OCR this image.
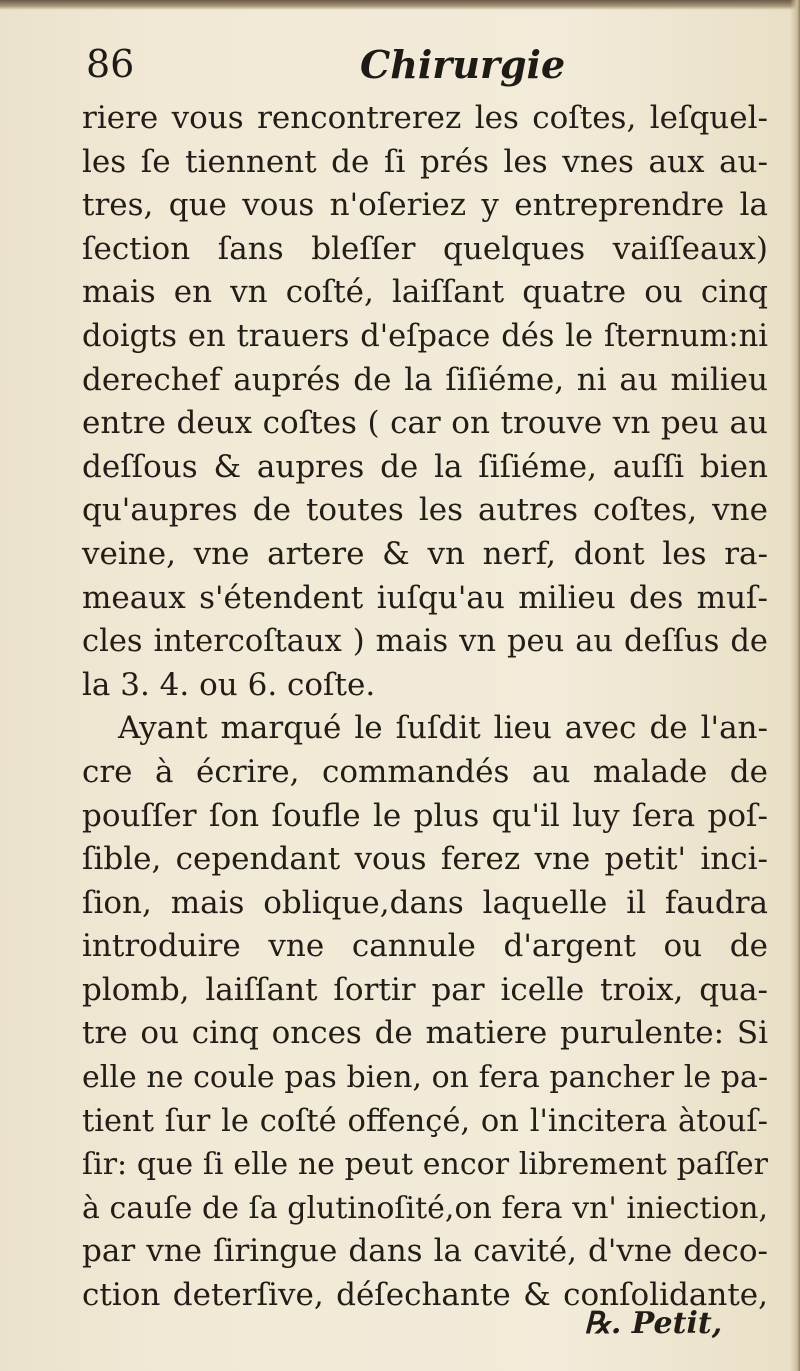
86	Chirurgie
riere vous rencontrerez les coſtes, leſquel-
les ſe tiennent de ſi prés les vnes aux au-
tres, que vous n'oſeriez y entreprendre la
ſection ſans bleſſer quelques vaiſſeaux)
mais en vn coſté, laiſſant quatre ou cinq
doigts en trauers d'eſpace dés le ſternum:ni
derechef auprés de la ſiſiéme, ni au milieu
entre deux coſtes ( car on trouve vn peu au
deſſous & aupres de la ſiſiéme, auſſi bien
qu'aupres de toutes les autres coſtes, vne
veine, vne artere & vn nerf, dont les ra-
meaux s'étendent iuſqu'au milieu des muſ-
cles intercoſtaux ) mais vn peu au deſſus de
la 3. 4. ou 6. coſte.
Ayant marqué le ſuſdit lieu avec de l'an-
cre à écrire, commandés au malade de
pouſſer ſon ſoufle le plus qu'il luy ſera poſ-
ſible, cependant vous ferez vne petit' inci-
ſion, mais oblique,dans laquelle il faudra
introduire vne cannule d'argent ou de
plomb, laiſſant ſortir par icelle troix, qua-
tre ou cinq onces de matiere purulente: Si
elle ne coule pas bien, on fera pancher le pa-
tient ſur le coſté offençé, on l'incitera àtouſ-
ſir: que ſi elle ne peut encor librement paſſer
à cauſe de ſa glutinoſité,on fera vn' iniection,
par vne ſiringue dans la cavité, d'vne deco-
ction deterſive, déſechante & conſolidante,
℞. Petit,
